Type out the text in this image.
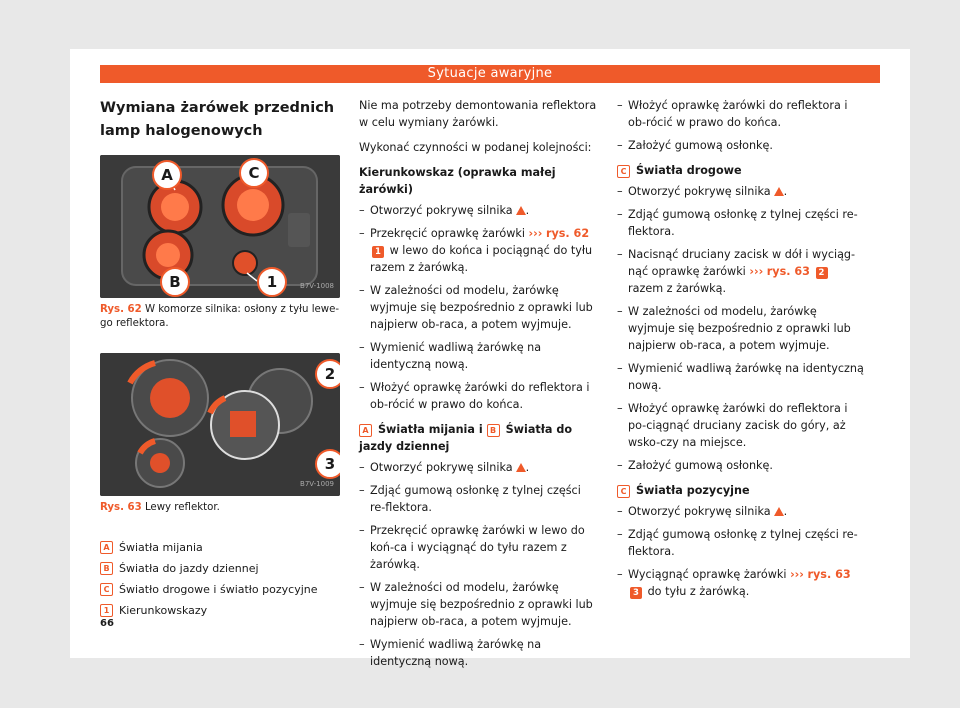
Sytuacje awaryjne
Wymiana żarówek przednich lamp halogenowych
A	C
B	1	B7V-1008
Rys. 62 W komorze silnika: osłony z tyłu lewe-go reflektora.
2
3
B7V-1009
Rys. 63 Lewy reflektor.
A Światła mijania
B Światła do jazdy dziennej
C Światło drogowe i światło pozycyjne
1 Kierunkowskazy

Nie ma potrzeby demontowania reflektora w celu wymiany żarówki.

Wykonać czynności w podanej kolejności:

Kierunkowskaz (oprawka małej żarówki)
– Otworzyć pokrywę silnika .
– Przekręcić oprawkę żarówki ››› rys. 62 1 w lewo do końca i pociągnąć do tyłu razem z żarówką.
– W zależności od modelu, żarówkę wyjmuje się bezpośrednio z oprawki lub najpierw ob-raca, a potem wyjmuje.
– Wymienić wadliwą żarówkę na identyczną nową.
– Włożyć oprawkę żarówki do reflektora i ob-rócić w prawo do końca.
A Światła mijania i B Światła do jazdy dziennej
– Otworzyć pokrywę silnika .
– Zdjąć gumową osłonkę z tylnej części re-flektora.
– Przekręcić oprawkę żarówki w lewo do koń-ca i wyciągnąć do tyłu razem z żarówką.
– W zależności od modelu, żarówkę wyjmuje się bezpośrednio z oprawki lub najpierw ob-raca, a potem wyjmuje.
– Wymienić wadliwą żarówkę na identyczną nową.
– Włożyć oprawkę żarówki do reflektora i ob-rócić w prawo do końca.
– Założyć gumową osłonkę.
C Światła drogowe
– Otworzyć pokrywę silnika .
– Zdjąć gumową osłonkę z tylnej części re-flektora.
– Nacisnąć druciany zacisk w dół i wyciąg-nąć oprawkę żarówki ››› rys. 63 2 razem z żarówką.
– W zależności od modelu, żarówkę wyjmuje się bezpośrednio z oprawki lub najpierw ob-raca, a potem wyjmuje.
– Wymienić wadliwą żarówkę na identyczną nową.
– Włożyć oprawkę żarówki do reflektora i po-ciągnąć druciany zacisk do góry, aż wsko-czy na miejsce.
– Założyć gumową osłonkę.
C Światła pozycyjne
– Otworzyć pokrywę silnika .
– Zdjąć gumową osłonkę z tylnej części re-flektora.
– Wyciągnąć oprawkę żarówki ››› rys. 63 3 do tyłu z żarówką.
66
